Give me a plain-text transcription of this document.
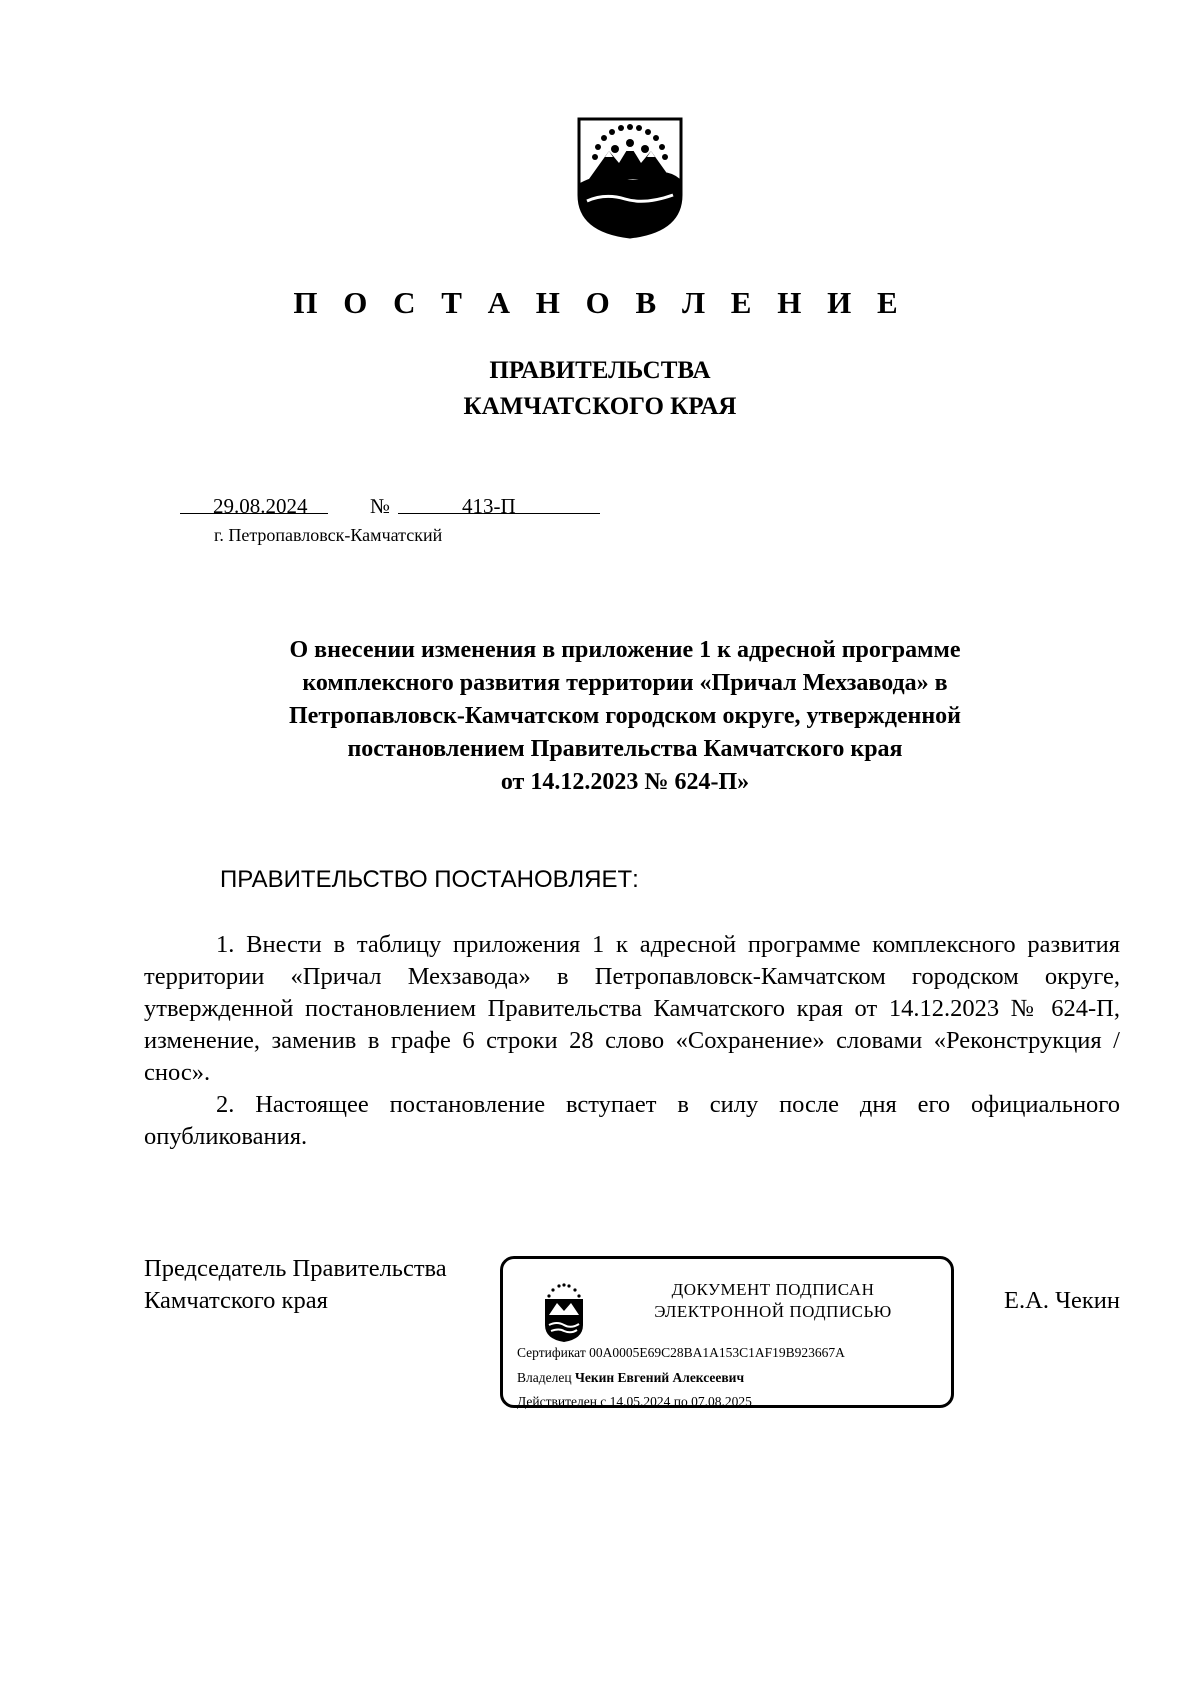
П О С Т А Н О В Л Е Н И Е
ПРАВИТЕЛЬСТВА
КАМЧАТСКОГО КРАЯ
29.08.2024	№	413-П
г. Петропавловск-Камчатский
О внесении изменения в приложение 1 к адресной программе
комплексного развития территории «Причал Мехзавода» в
Петропавловск-Камчатском городском округе, утвержденной
постановлением Правительства Камчатского края
от 14.12.2023 № 624-П»
ПРАВИТЕЛЬСТВО ПОСТАНОВЛЯЕТ:

1. Внести в таблицу приложения 1 к адресной программе комплексного развития территории «Причал Мехзавода» в Петропавловск-Камчатском городском округе, утвержденной постановлением Правительства Камчатского края от 14.12.2023 № 624-П, изменение, заменив в графе 6 строки 28 слово «Сохранение» словами «Реконструкция / снос».

2. Настоящее постановление вступает в силу после дня его официального опубликования.

Председатель Правительства
Камчатского края	ДОКУМЕНТ ПОДПИСАН
ЭЛЕКТРОННОЙ ПОДПИСЬЮ
Сертификат 00A0005E69C28BA1A153C1AF19B923667A
Владелец Чекин Евгений Алексеевич
Действителен с 14.05.2024 по 07.08.2025
Е.А. Чекин
